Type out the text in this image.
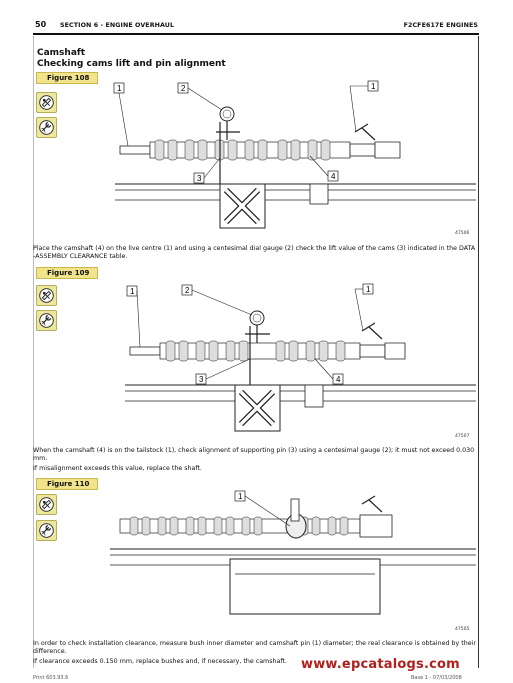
50 SECTION 6 - ENGINE OVERHAUL	F2CFE617E ENGINES
Camshaft
Checking cams lift and pin alignment
Figure 108
1	2
3	4
1
47506
Place the camshaft (4) on the live centre (1) and using a centesimal dial gauge (2) check the lift value of the cams (3) indicated in the DATA -ASSEMBLY CLEARANCE table.
Figure 109
1	2
3	4
1
47507
When the camshaft (4) is on the tailstock (1), check alignment of supporting pin (3) using a centesimal gauge (2); it must not exceed 0.030 mm.
If misalignment exceeds this value, replace the shaft.
Figure 110
1
47505
In order to check installation clearance, measure bush inner diameter and camshaft pin (1) diameter; the real clearance is obtained by their difference.
If clearance exceeds 0.150 mm, replace bushes and, if necessary, the camshaft.	www.epcatalogs.com
Print 603.93.6	Base 1 - 07/03/2008
